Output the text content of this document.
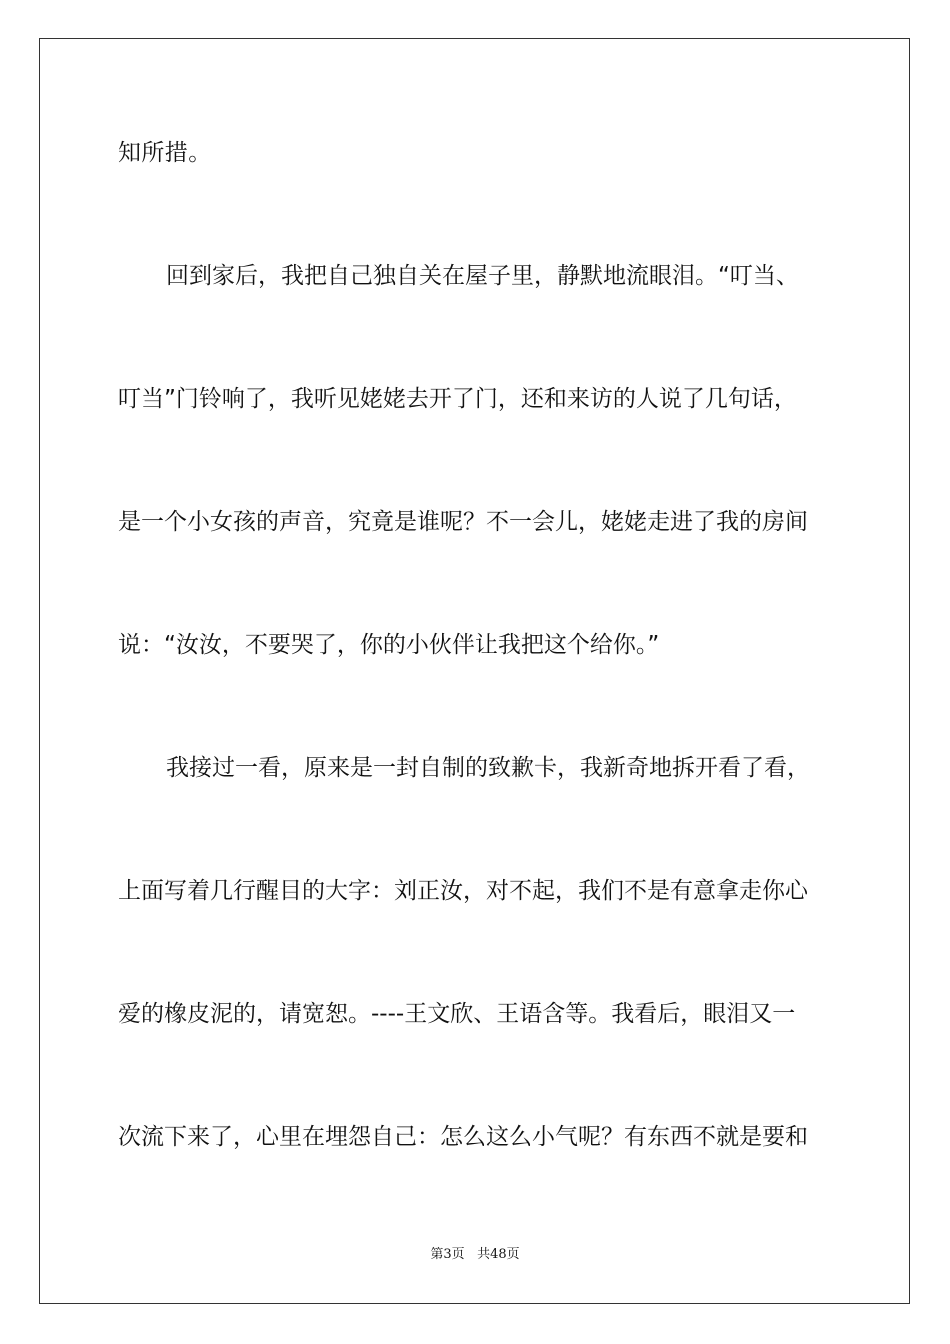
知所措。
回到家后，我把自己独自关在屋子里，静默地流眼泪。“叮当、
叮当”门铃响了，我听见姥姥去开了门，还和来访的人说了几句话，
是一个小女孩的声音，究竟是谁呢？不一会儿，姥姥走进了我的房间
说：“汝汝，不要哭了，你的小伙伴让我把这个给你。”
我接过一看，原来是一封自制的致歉卡，我新奇地拆开看了看，
上面写着几行醒目的大字：刘正汝，对不起，我们不是有意拿走你心
爱的橡皮泥的，请宽恕。----王文欣、王语含等。我看后，眼泪又一
次流下来了，心里在埋怨自己：怎么这么小气呢？有东西不就是要和
第3页 共48页
